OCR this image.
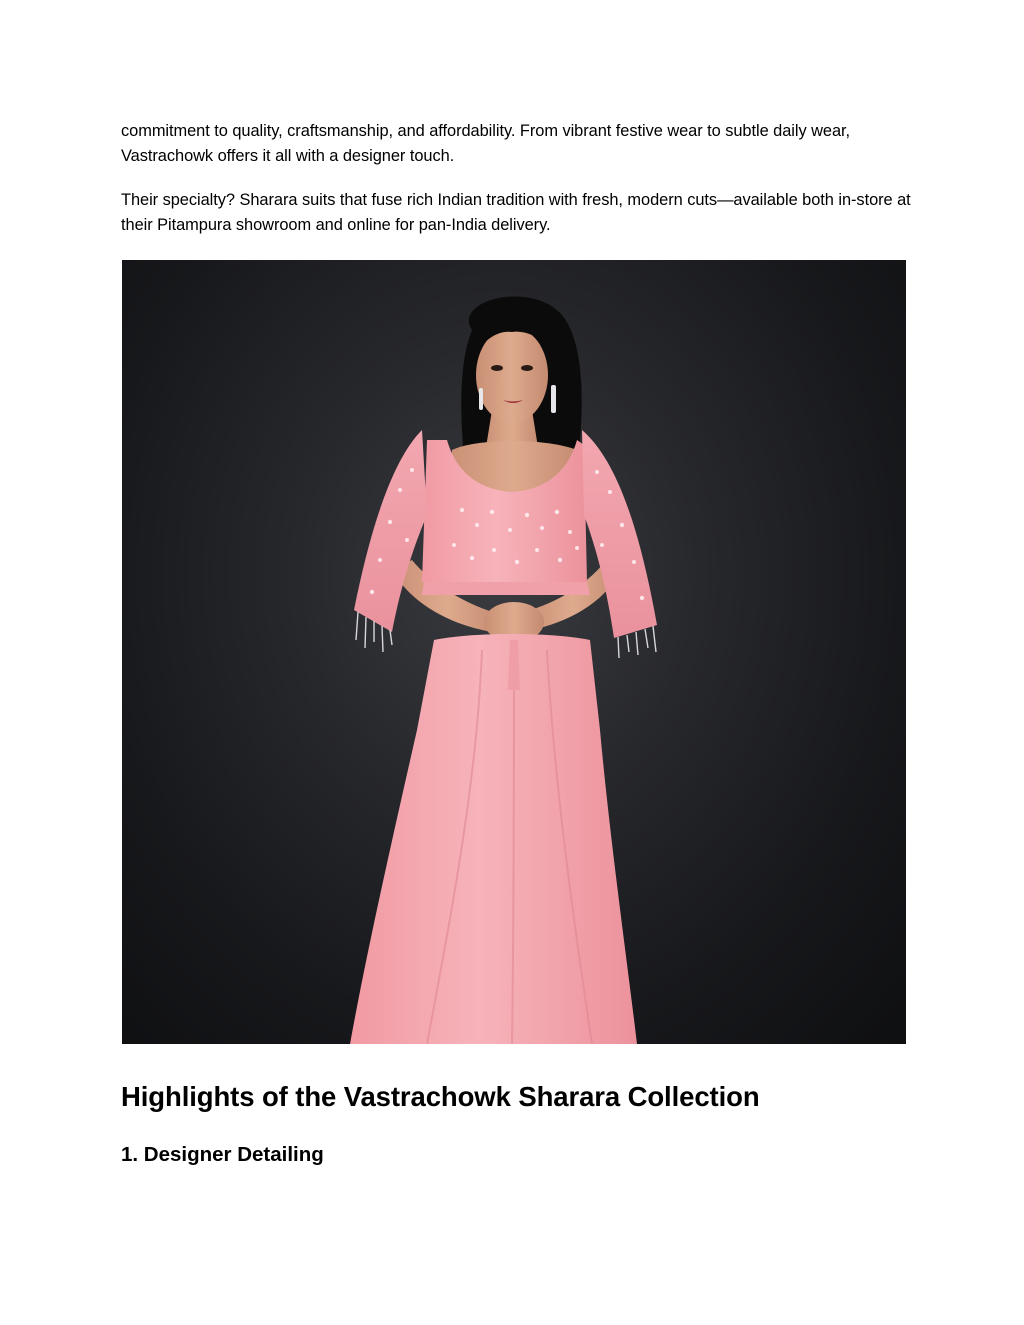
commitment to quality, craftsmanship, and affordability. From vibrant festive wear to subtle daily wear, Vastrachowk offers it all with a designer touch.

Their specialty? Sharara suits that fuse rich Indian tradition with fresh, modern cuts—available both in-store at their Pitampura showroom and online for pan-India delivery.

Highlights of the Vastrachowk Sharara Collection
1. Designer Detailing
